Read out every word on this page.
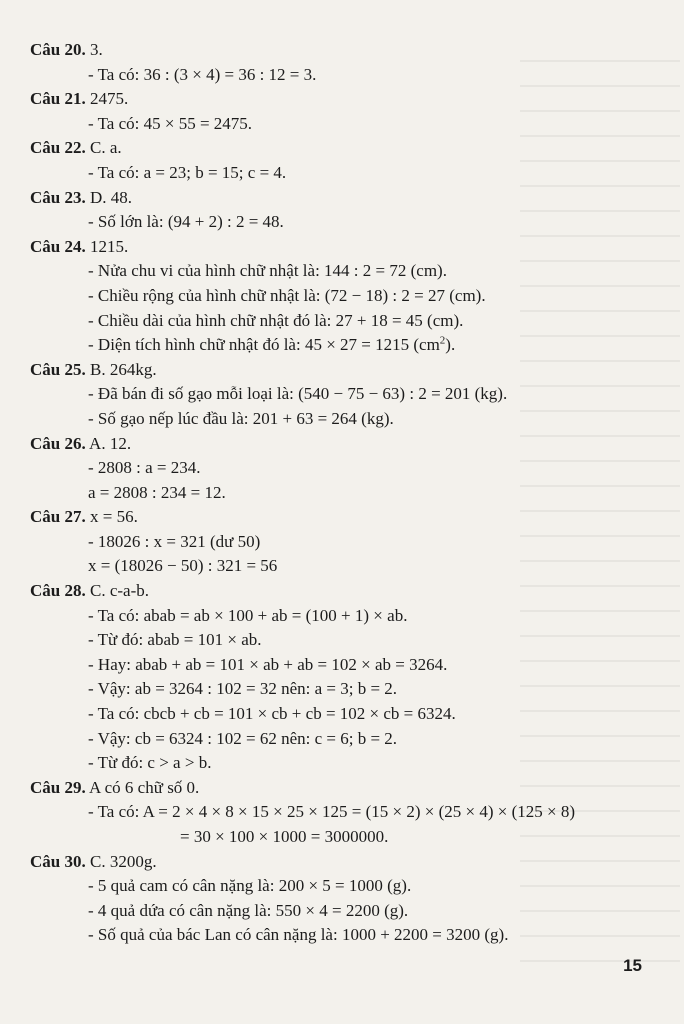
Câu 20. 3.
- Ta có: 36 : (3 × 4) = 36 : 12 = 3.
Câu 21. 2475.
- Ta có: 45 × 55 = 2475.
Câu 22. C. a.
- Ta có: a = 23; b = 15; c = 4.
Câu 23. D. 48.
- Số lớn là: (94 + 2) : 2 = 48.
Câu 24. 1215.
- Nửa chu vi của hình chữ nhật là: 144 : 2 = 72 (cm).
- Chiều rộng của hình chữ nhật là: (72 − 18) : 2 = 27 (cm).
- Chiều dài của hình chữ nhật đó là: 27 + 18 = 45 (cm).
- Diện tích hình chữ nhật đó là: 45 × 27 = 1215 $(cm^2)$.
Câu 25. B. 264kg.
- Đã bán đi số gạo mỗi loại là: (540 − 75 − 63) : 2 = 201 (kg).
- Số gạo nếp lúc đầu là: 201 + 63 = 264 (kg).
Câu 26. A. 12.
- 2808 : a = 234.
a = 2808 : 234 = 12.
Câu 27. x = 56.
- 18026 : x = 321 (dư 50)
x = (18026 − 50) : 321 = 56
Câu 28. C. c-a-b.
- Ta có: abab = ab × 100 + ab = (100 + 1) × ab.
- Từ đó: abab = 101 × ab.
- Hay: abab + ab = 101 × ab + ab = 102 × ab = 3264.
- Vậy: ab = 3264 : 102 = 32 nên: a = 3; b = 2.
- Ta có: cbcb + cb = 101 × cb + cb = 102 × cb = 6324.
- Vậy: cb = 6324 : 102 = 62 nên: c = 6; b = 2.
- Từ đó: c > a > b.
Câu 29. A có 6 chữ số 0.
- Ta có: A = 2 × 4 × 8 × 15 × 25 × 125 = (15 × 2) × (25 × 4) × (125 × 8)
= 30 × 100 × 1000 = 3000000.
Câu 30. C. 3200g.
- 5 quả cam có cân nặng là: 200 × 5 = 1000 (g).
- 4 quả dứa có cân nặng là: 550 × 4 = 2200 (g).
- Số quả của bác Lan có cân nặng là: 1000 + 2200 = 3200 (g).
15
